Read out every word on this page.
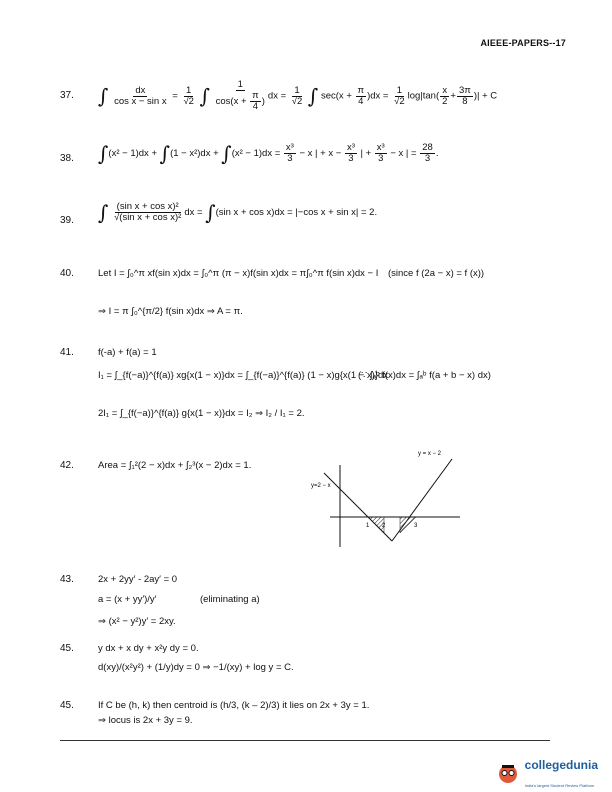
AIEEE-PAPERS--17
37. ∫ $\frac{dx}{\text{cos x − sin x}} = \frac{1}{√2}$ ∫ $\frac{1}{\cos(x + \frac{\pi}{4} )}$ dx = $\frac{1}{√2}$ ∫ $\sec(x + \frac{\pi}{4} )dx = \frac{1}{√2} \log|\tan( \frac{x}{2} + \frac{3\pi}{8}$ )| + C
38. $\int(x^2 - 1)dx + \int(1 - x^2)dx + \int(x^2 - 1)dx = \frac{\text{x³}}{3} - x$ | + $x - \frac{\text{x³}}{3}$ | + $\frac{\text{x³}}{3} - x$ | = $\frac{28}{3}$ .
39. ∫ $\frac{\text{(sin x + cos x)²}}{\text{√(sin x + cos x)²}}$ dx = ∫(sin x + cos x)dx = |−cos x + sin x| = 2.
40.	Let I = ∫₀^π xf(sin x)dx = ∫₀^π (π − x)f(sin x)dx = π∫₀^π f(sin x)dx − I (since f (2a − x) = f (x))
⇒ I = π ∫₀^{π/2} f(sin x)dx ⇒ A = π.
41.	f(-a) + f(a) = 1
I₁ = ∫_{f(−a)}^{f(a)} xg{x(1 − x)}dx = ∫_{f(−a)}^{f(a)} (1 − x)g{x(1 − x)}dx
(∵ ∫ₐᵇ f(x)dx = ∫ₐᵇ f(a + b − x) dx)
2I₁ = ∫_{f(−a)}^{f(a)} g{x(1 − x)}dx = I₂ ⇒ I₂ / I₁ = 2.
42.	Area = ∫₁²(2 − x)dx + ∫₂³(x − 2)dx = 1.
y=2 − x
y = x − 2
1 2	3
43.	2x + 2yy′ - 2ay′ = 0
a = (x + yy′)/y′	(eliminating a)
⇒ (x² − y²)y′ = 2xy.
45.	y dx + x dy + x²y dy = 0.
d(xy)/(x²y²) + (1/y)dy = 0 ⇒ −1/(xy) + log y = C.
45.	If C be (h, k) then centroid is (h/3, (k – 2)/3) it lies on 2x + 3y = 1.
⇒ locus is 2x + 3y = 9.
collegedunia
India's largest Student Review Platform
